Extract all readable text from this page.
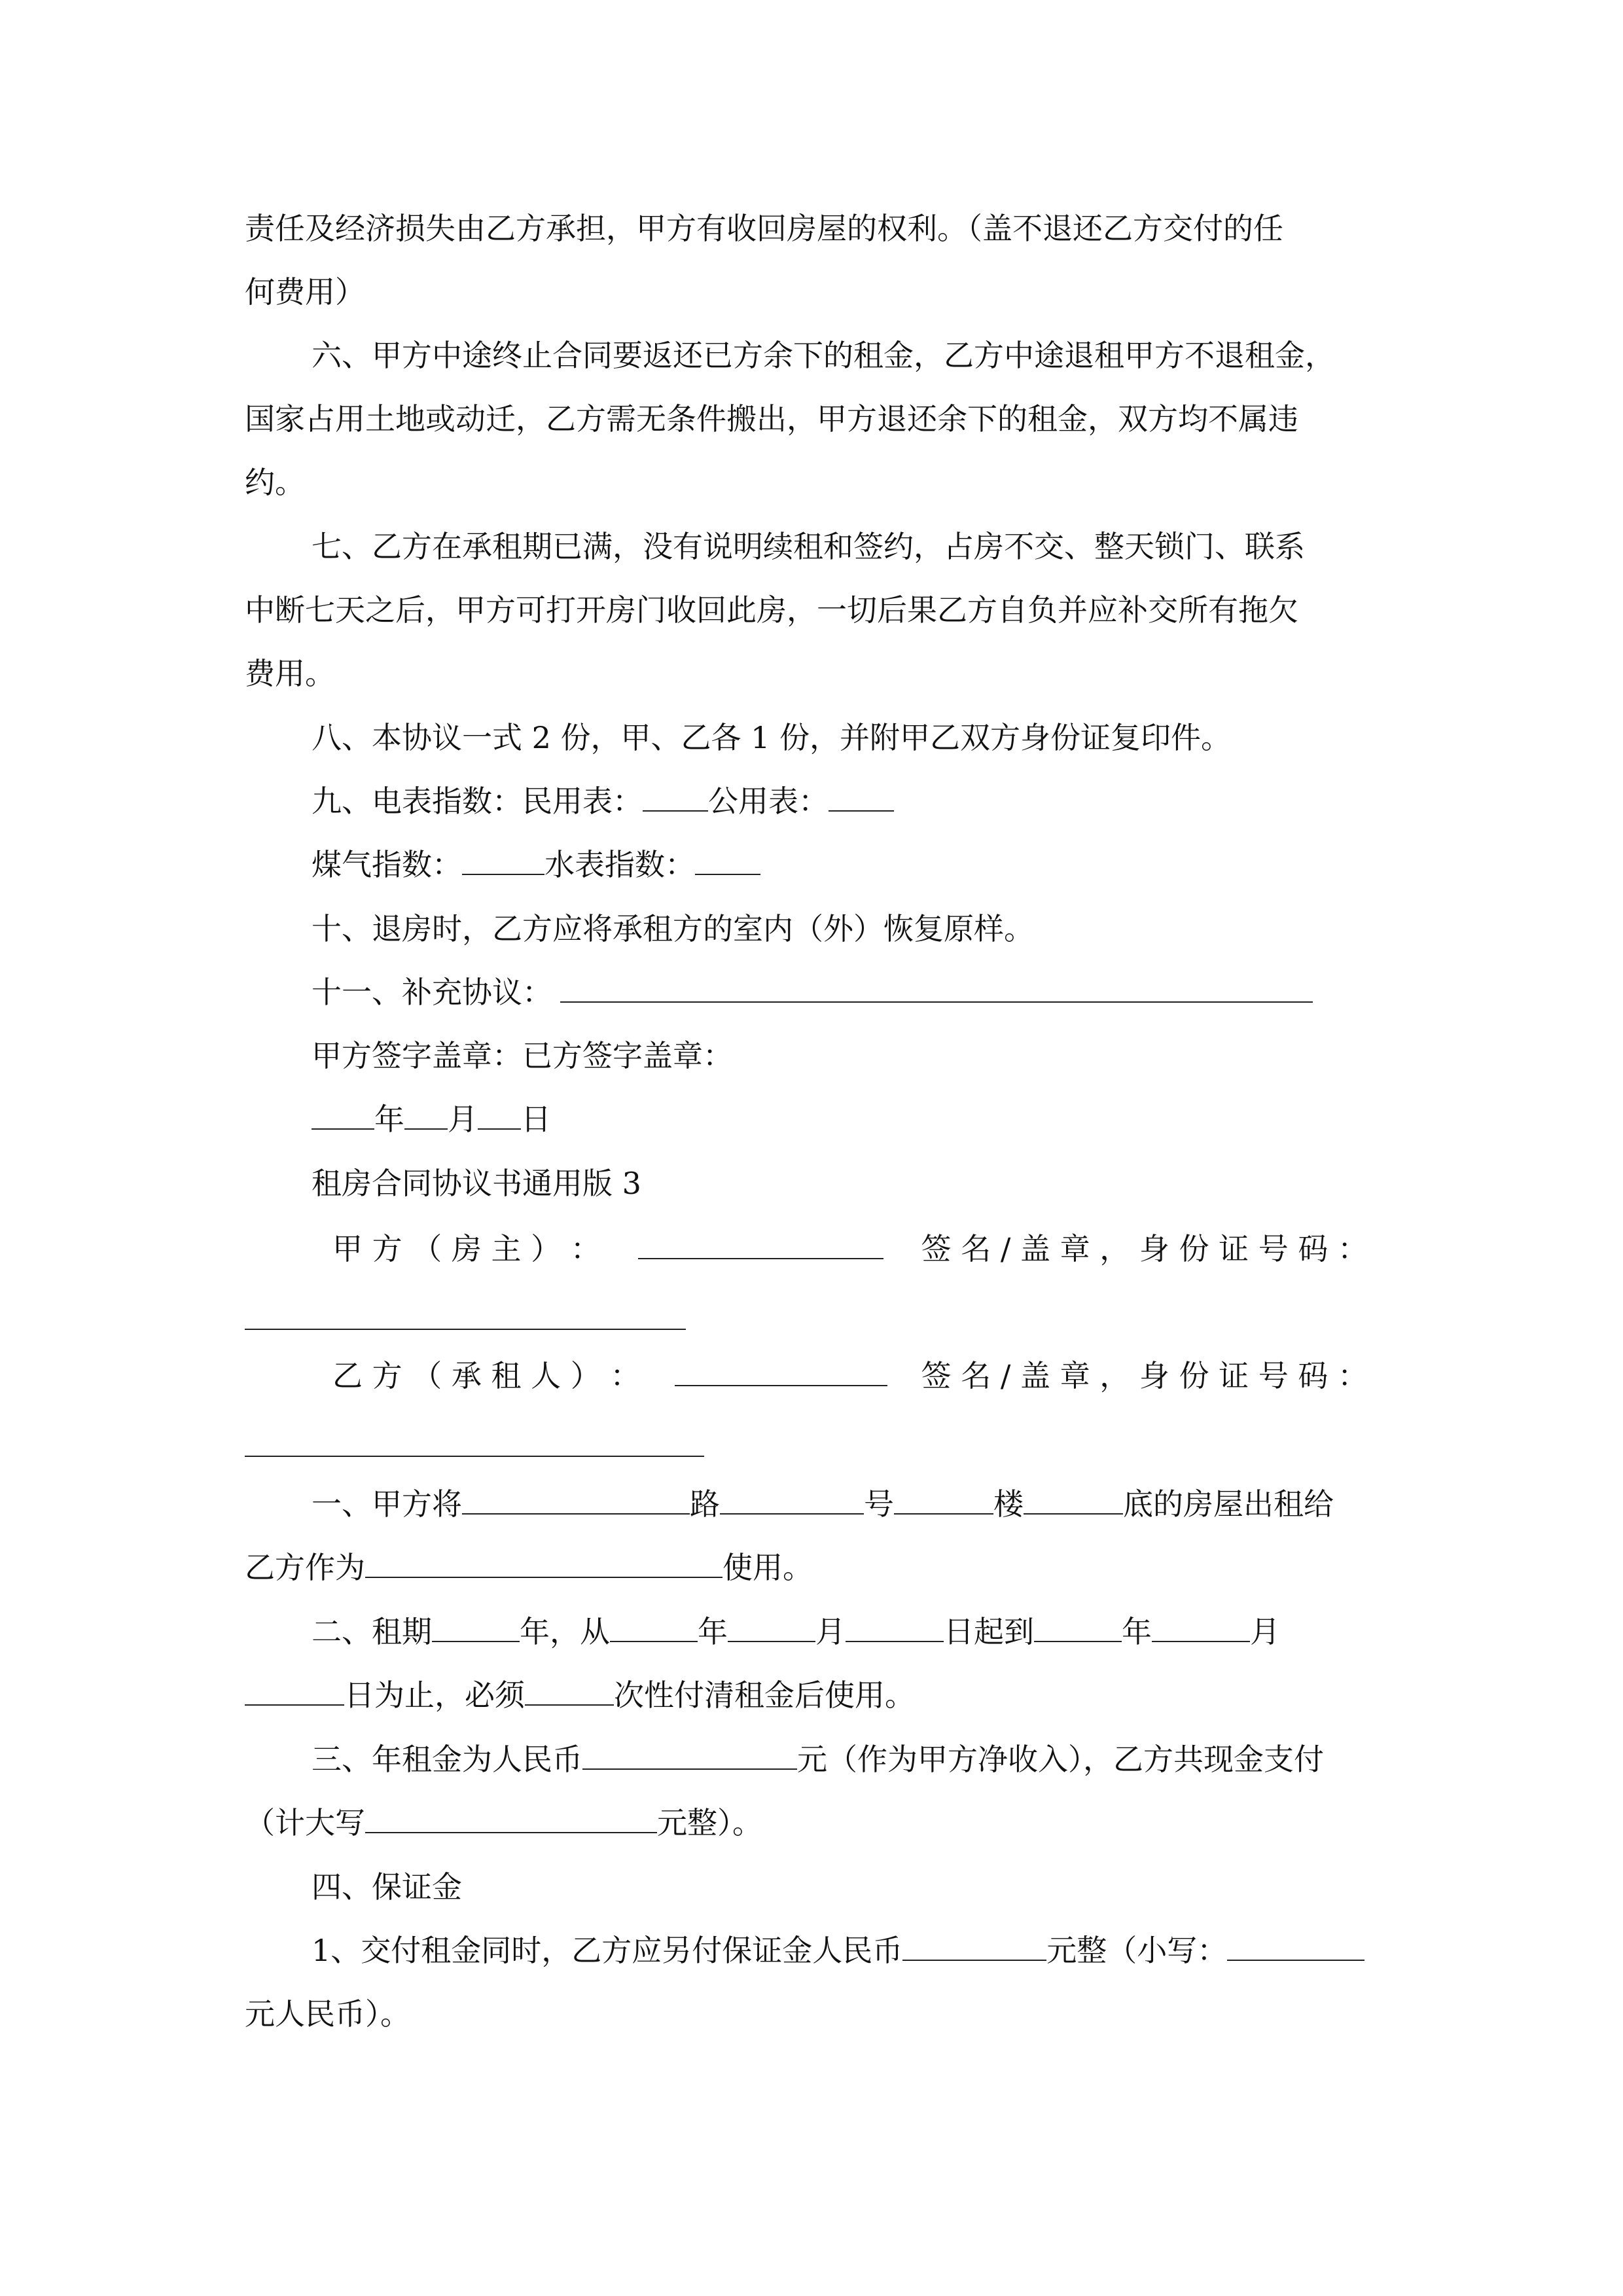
责任及经济损失由乙方承担，甲方有收回房屋的权利。（盖不退还乙方交付的任
何费用）
六、甲方中途终止合同要返还已方余下的租金，乙方中途退租甲方不退租金，
国家占用土地或动迁，乙方需无条件搬出，甲方退还余下的租金，双方均不属违
约。
七、乙方在承租期已满，没有说明续租和签约，占房不交、整天锁门、联系
中断七天之后，甲方可打开房门收回此房，一切后果乙方自负并应补交所有拖欠
费用。
八、本协议一式 2 份，甲、乙各 1 份，并附甲乙双方身份证复印件。
九、电表指数：民用表： 公用表：
煤气指数：	水表指数：
十、退房时，乙方应将承租方的室内（外）恢复原样。
十一、补充协议：
甲方签字盖章：已方签字盖章：
年 月 日
租房合同协议书通用版 3
甲 方 （ 房 主 ） ：	签 名 / 盖 章 ， 身 份 证 号 码 ：
乙 方 （ 承 租 人 ） ：	签 名 / 盖 章 ， 身 份 证 号 码 ：
一、甲方将	路	号	楼	底的房屋出租给
乙方作为	使用。
二、租期	年，从	年	月	日起到	年	月
日为止，必须	次性付清租金后使用。
三、年租金为人民币	元（作为甲方净收入），乙方共现金支付
（计大写	元整）。
四、保证金
1、交付租金同时，乙方应另付保证金人民币	元整（小写：
元人民币）。
